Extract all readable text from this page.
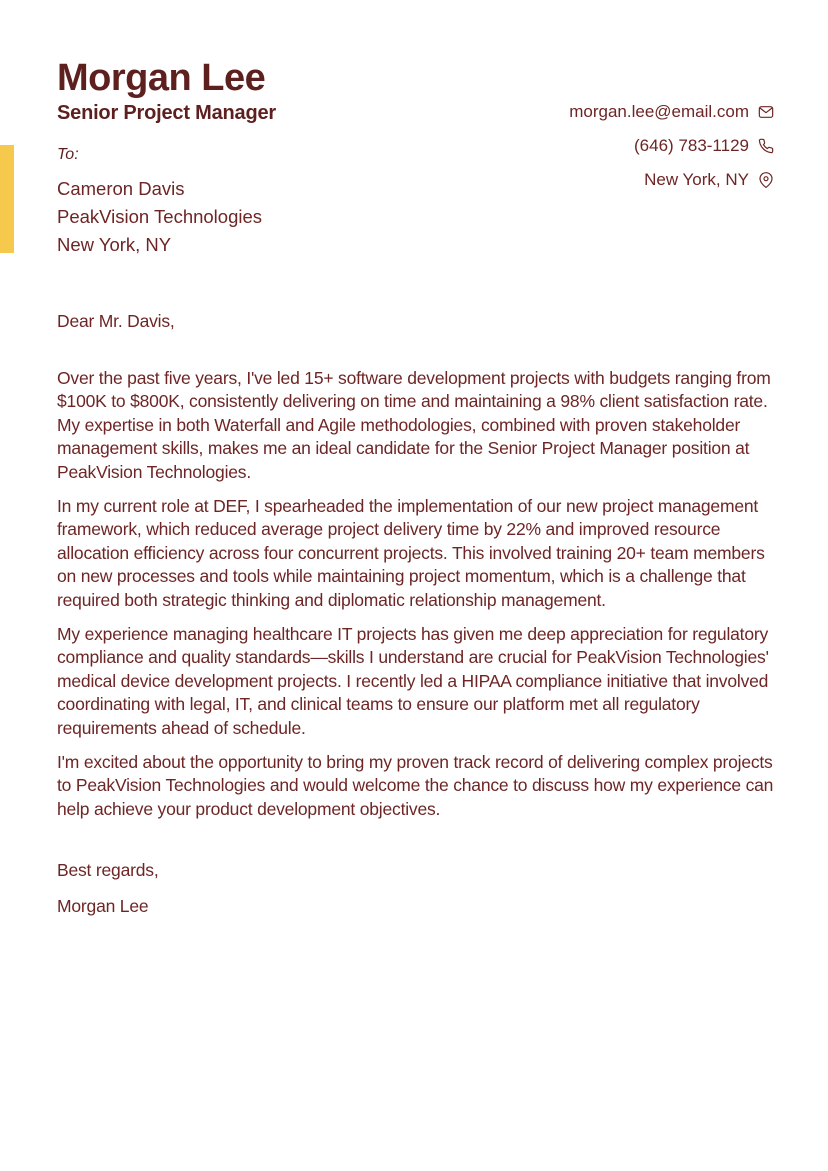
Morgan Lee
Senior Project Manager	morgan.lee@email.com
(646) 783-1129
New York, NY
To:
Cameron Davis
PeakVision Technologies
New York, NY

Dear Mr. Davis,

Over the past five years, I've led 15+ software development projects with budgets ranging from $100K to $800K, consistently delivering on time and maintaining a 98% client satisfaction rate. My expertise in both Waterfall and Agile methodologies, combined with proven stakeholder management skills, makes me an ideal candidate for the Senior Project Manager position at PeakVision Technologies.

In my current role at DEF, I spearheaded the implementation of our new project management framework, which reduced average project delivery time by 22% and improved resource allocation efficiency across four concurrent projects. This involved training 20+ team members on new processes and tools while maintaining project momentum, which is a challenge that required both strategic thinking and diplomatic relationship management.

My experience managing healthcare IT projects has given me deep appreciation for regulatory compliance and quality standards—skills I understand are crucial for PeakVision Technologies' medical device development projects. I recently led a HIPAA compliance initiative that involved coordinating with legal, IT, and clinical teams to ensure our platform met all regulatory requirements ahead of schedule.

I'm excited about the opportunity to bring my proven track record of delivering complex projects to PeakVision Technologies and would welcome the chance to discuss how my experience can help achieve your product development objectives.

Best regards,

Morgan Lee
